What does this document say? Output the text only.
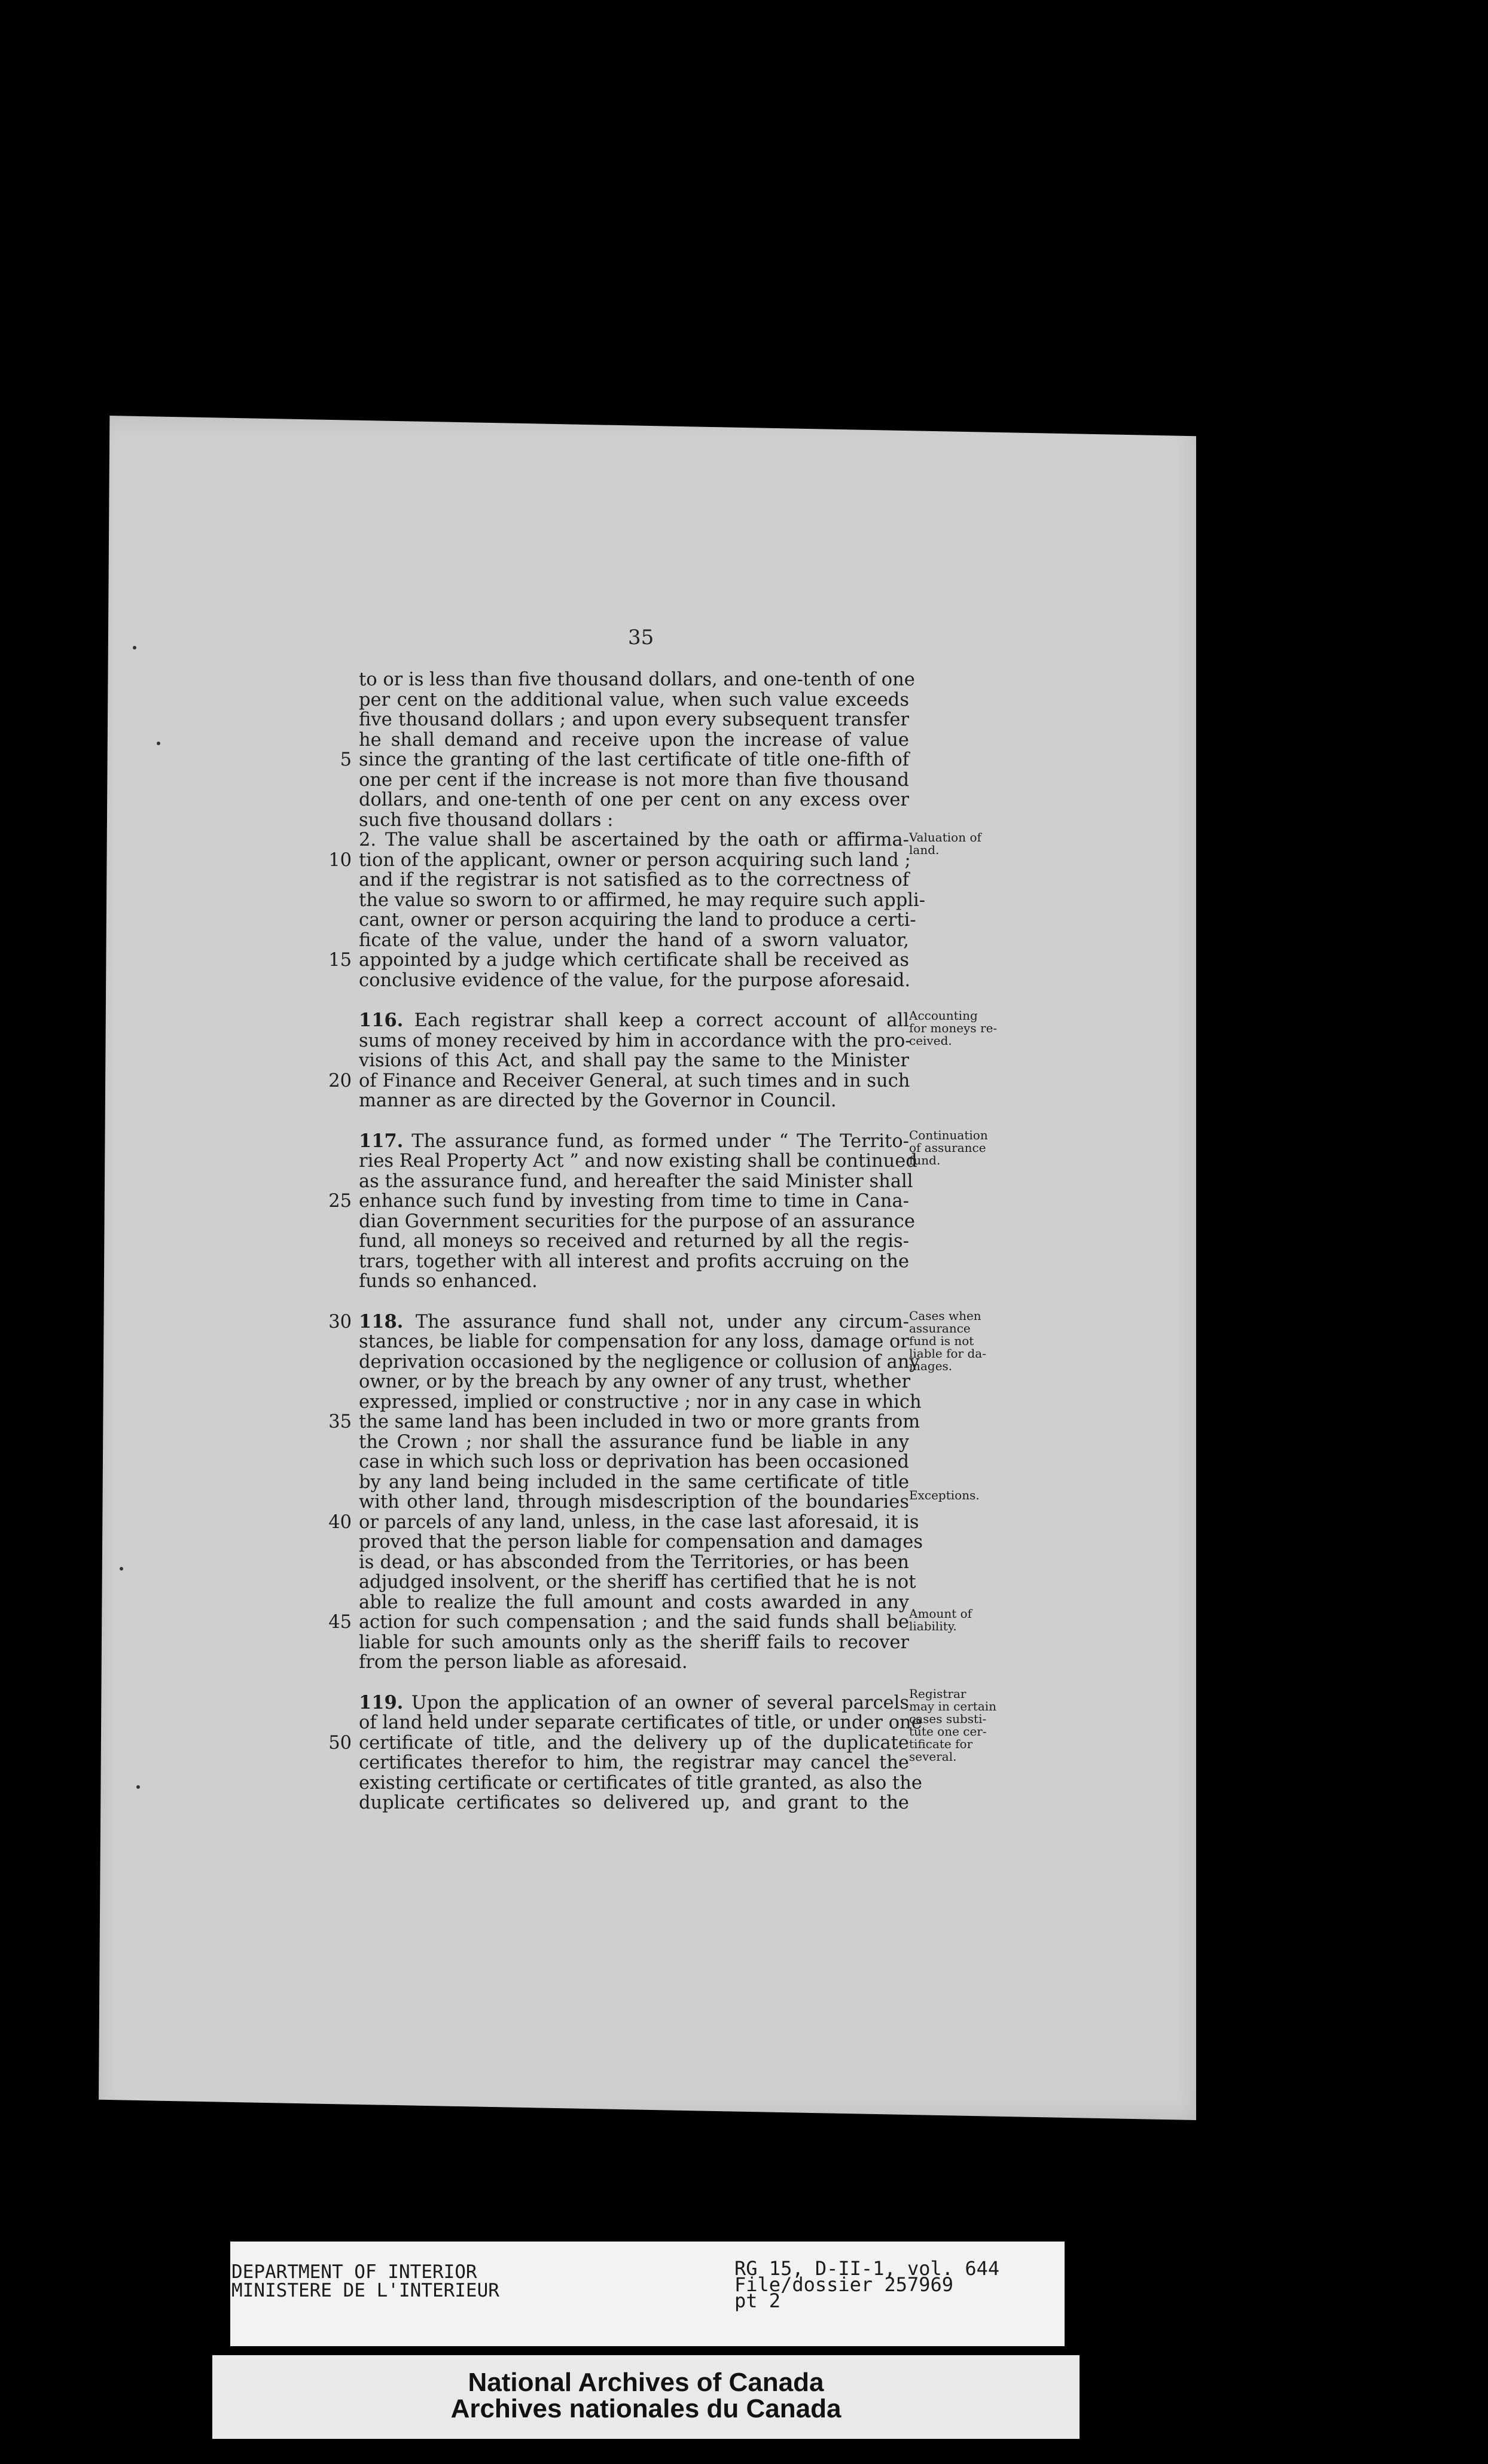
35
to or is less than five thousand dollars, and one-tenth of one
per cent on the additional value, when such value exceeds
five thousand dollars ; and upon every subsequent transfer
he shall demand and receive upon the increase of value
5 since the granting of the last certificate of title one-fifth of
one per cent if the increase is not more than five thousand
dollars, and one-tenth of one per cent on any excess over
such five thousand dollars :
2. The value shall be ascertained by the oath or affirma-
10 tion of the applicant, owner or person acquiring such land ;
and if the registrar is not satisfied as to the correctness of
the value so sworn to or affirmed, he may require such appli-
cant, owner or person acquiring the land to produce a certi-
ficate of the value, under the hand of a sworn valuator,
15 appointed by a judge which certificate shall be received as
conclusive evidence of the value, for the purpose aforesaid.
116. Each registrar shall keep a correct account of all
sums of money received by him in accordance with the pro-
visions of this Act, and shall pay the same to the Minister
20 of Finance and Receiver General, at such times and in such
manner as are directed by the Governor in Council.
117. The assurance fund, as formed under “ The Territo-
ries Real Property Act ” and now existing shall be continued
as the assurance fund, and hereafter the said Minister shall
25 enhance such fund by investing from time to time in Cana-
dian Government securities for the purpose of an assurance
fund, all moneys so received and returned by all the regis-
trars, together with all interest and profits accruing on the
funds so enhanced.
30 118. The assurance fund shall not, under any circum-
stances, be liable for compensation for any loss, damage or
deprivation occasioned by the negligence or collusion of any
owner, or by the breach by any owner of any trust, whether
expressed, implied or constructive ; nor in any case in which
35 the same land has been included in two or more grants from
the Crown ; nor shall the assurance fund be liable in any
case in which such loss or deprivation has been occasioned
by any land being included in the same certificate of title
with other land, through misdescription of the boundaries
40 or parcels of any land, unless, in the case last aforesaid, it is
proved that the person liable for compensation and damages
is dead, or has absconded from the Territories, or has been
adjudged insolvent, or the sheriff has certified that he is not
able to realize the full amount and costs awarded in any
45 action for such compensation ; and the said funds shall be
liable for such amounts only as the sheriff fails to recover
from the person liable as aforesaid.
119. Upon the application of an owner of several parcels
of land held under separate certificates of title, or under one
50 certificate of title, and the delivery up of the duplicate
certificates therefor to him, the registrar may cancel the
existing certificate or certificates of title granted, as also the
duplicate certificates so delivered up, and grant to the
Valuation of
land.
Accounting
for moneys re-
ceived.
Continuation
of assurance
fund.
Cases when
assurance
fund is not
liable for da-
mages.
Exceptions.
Amount of
liability.
Registrar
may in certain
cases substi-
tute one cer-
tificate for
several.
DEPARTMENT OF INTERIOR
MINISTERE DE L'INTERIEUR
RG 15, D-II-1, vol. 644
File/dossier 257969
pt 2
National Archives of Canada
Archives nationales du Canada
